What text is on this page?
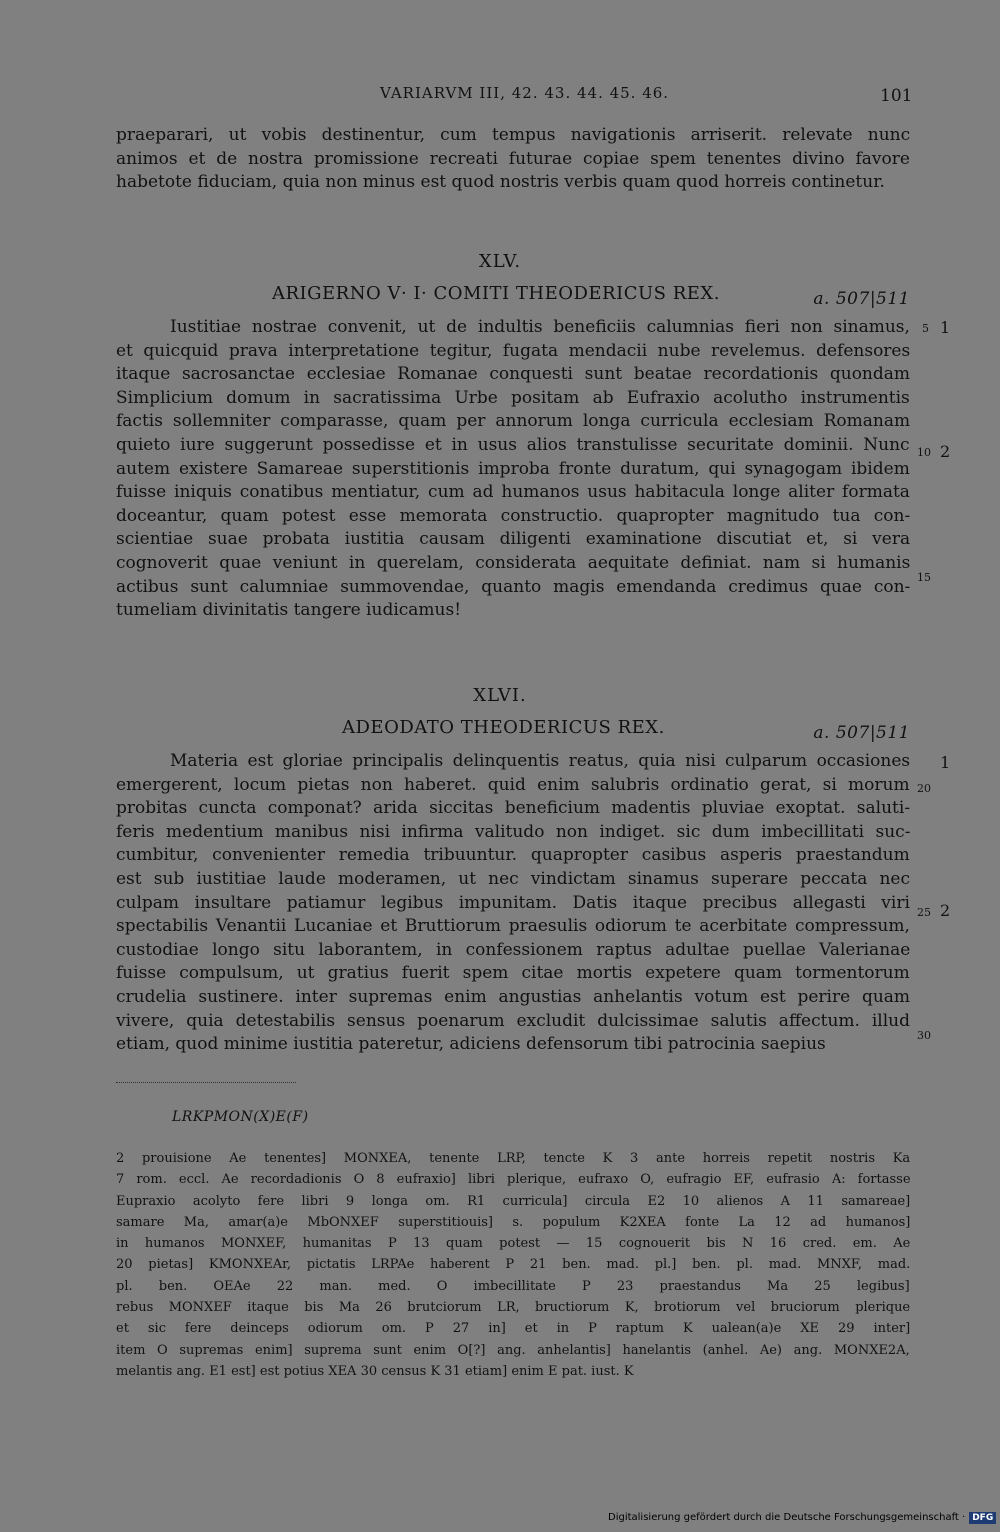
VARIARVM III, 42. 43. 44. 45. 46.	101
praeparari, ut vobis destinentur, cum tempus navigationis arriserit. relevate nunc
animos et de nostra promissione recreati futurae copiae spem tenentes divino favore
habetote fiduciam, quia non minus est quod nostris verbis quam quod horreis continetur.
XLV.
ARIGERNO V· I· COMITI THEODERICUS REX.	a. 507|511
Iustitiae nostrae convenit, ut de indultis beneficiis calumnias fieri non sinamus,
et quicquid prava interpretatione tegitur, fugata mendacii nube revelemus. defensores
itaque sacrosanctae ecclesiae Romanae conquesti sunt beatae recordationis quondam
Simplicium domum in sacratissima Urbe positam ab Eufraxio acolutho instrumentis
factis sollemniter comparasse, quam per annorum longa curricula ecclesiam Romanam
quieto iure suggerunt possedisse et in usus alios transtulisse securitate dominii. Nunc
autem existere Samareae superstitionis improba fronte duratum, qui synagogam ibidem
fuisse iniquis conatibus mentiatur, cum ad humanos usus habitacula longe aliter formata
doceantur, quam potest esse memorata constructio. quapropter magnitudo tua con-
scientiae suae probata iustitia causam diligenti examinatione discutiat et, si vera
cognoverit quae veniunt in querelam, considerata aequitate definiat. nam si humanis
actibus sunt calumniae summovendae, quanto magis emendanda credimus quae con-
tumeliam divinitatis tangere iudicamus!
5 1
10 2
15
XLVI.
ADEODATO THEODERICUS REX.	a. 507|511
Materia est gloriae principalis delinquentis reatus, quia nisi culparum occasiones
emergerent, locum pietas non haberet. quid enim salubris ordinatio gerat, si morum
probitas cuncta componat? arida siccitas beneficium madentis pluviae exoptat. saluti-
feris medentium manibus nisi infirma valitudo non indiget. sic dum imbecillitati suc-
cumbitur, convenienter remedia tribuuntur. quapropter casibus asperis praestandum
est sub iustitiae laude moderamen, ut nec vindictam sinamus superare peccata nec
culpam insultare patiamur legibus impunitam. Datis itaque precibus allegasti viri
spectabilis Venantii Lucaniae et Bruttiorum praesulis odiorum te acerbitate compressum,
custodiae longo situ laborantem, in confessionem raptus adultae puellae Valerianae
fuisse compulsum, ut gratius fuerit spem citae mortis expetere quam tormentorum
crudelia sustinere. inter supremas enim angustias anhelantis votum est perire quam
vivere, quia detestabilis sensus poenarum excludit dulcissimae salutis affectum. illud
etiam, quod minime iustitia pateretur, adiciens defensorum tibi patrocinia saepius
1
20
25 2
30
LRKPMON(X)E(F)
2 prouisione Ae tenentes] MONXEA, tenente LRP, tencte K 3 ante horreis repetit nostris Ka
7 rom. eccl. Ae recordadionis O 8 eufraxio] libri plerique, eufraxo O, eufragio EF, eufrasio A: fortasse
Eupraxio acolyto fere libri 9 longa om. R1 curricula] circula E2 10 alienos A 11 samareae]
samare Ma, amar(a)e MbONXEF superstitiouis] s. populum K2XEA fonte La 12 ad humanos]
in humanos MONXEF, humanitas P 13 quam potest — 15 cognouerit bis N 16 cred. em. Ae
20 pietas] KMONXEAr, pictatis LRPAe haberent P 21 ben. mad. pl.] ben. pl. mad. MNXF, mad.
pl. ben. OEAe 22 man. med. O imbecillitate P 23 praestandus Ma 25 legibus]
rebus MONXEF itaque bis Ma 26 brutciorum LR, bructiorum K, brotiorum vel bruciorum plerique
et sic fere deinceps odiorum om. P 27 in] et in P raptum K ualean(a)e XE 29 inter]
item O supremas enim] suprema sunt enim O[?] ang. anhelantis] hanelantis (anhel. Ae) ang. MONXE2A,
melantis ang. E1 est] est potius XEA 30 census K 31 etiam] enim E pat. iust. K
Digitalisierung gefördert durch die Deutsche Forschungsgemeinschaft · DFG
